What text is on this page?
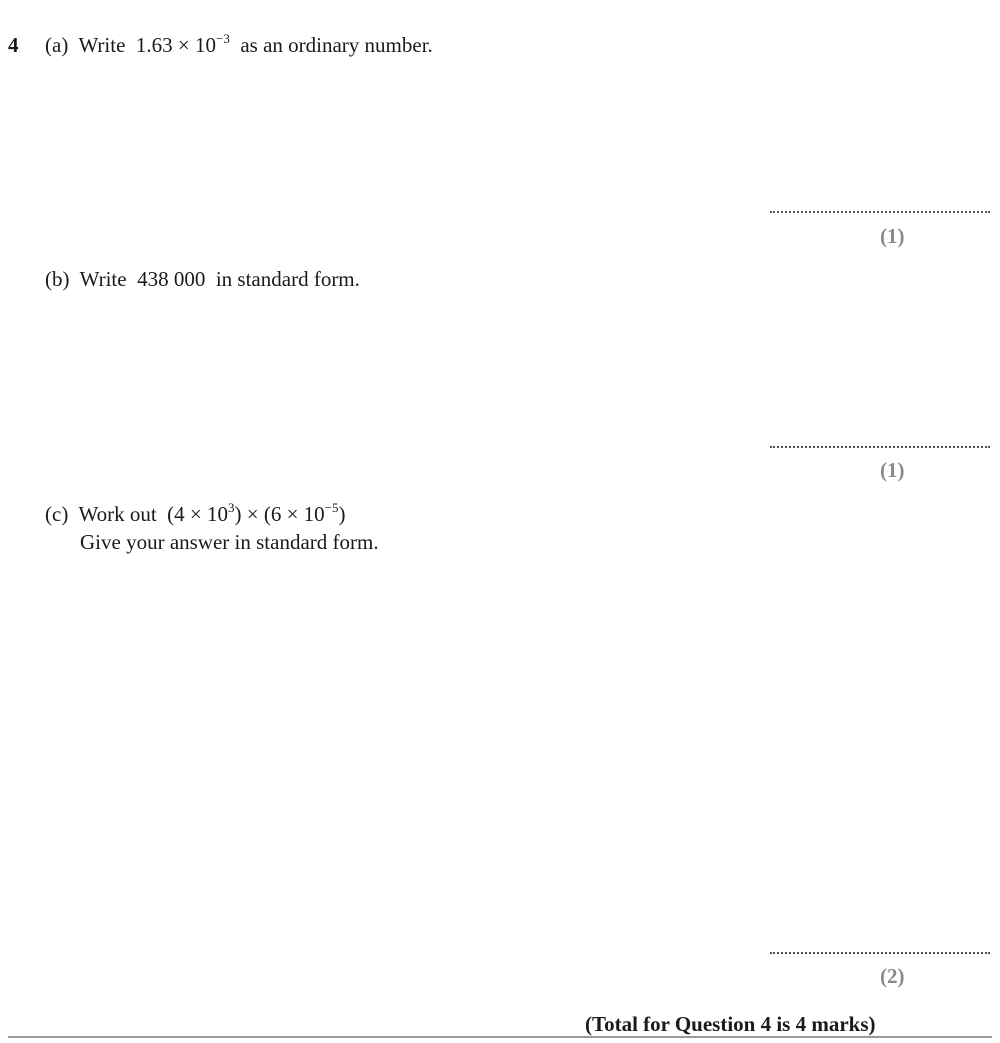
4 (a) Write $1.63 \times 10^{-3}$ as an ordinary number.
(1)
(b) Write 438 000 in standard form.
(1)
(c) Work out $(4 \times 10^3) \times (6 \times 10^{-5})$
Give your answer in standard form.
(2)
(Total for Question 4 is 4 marks)
